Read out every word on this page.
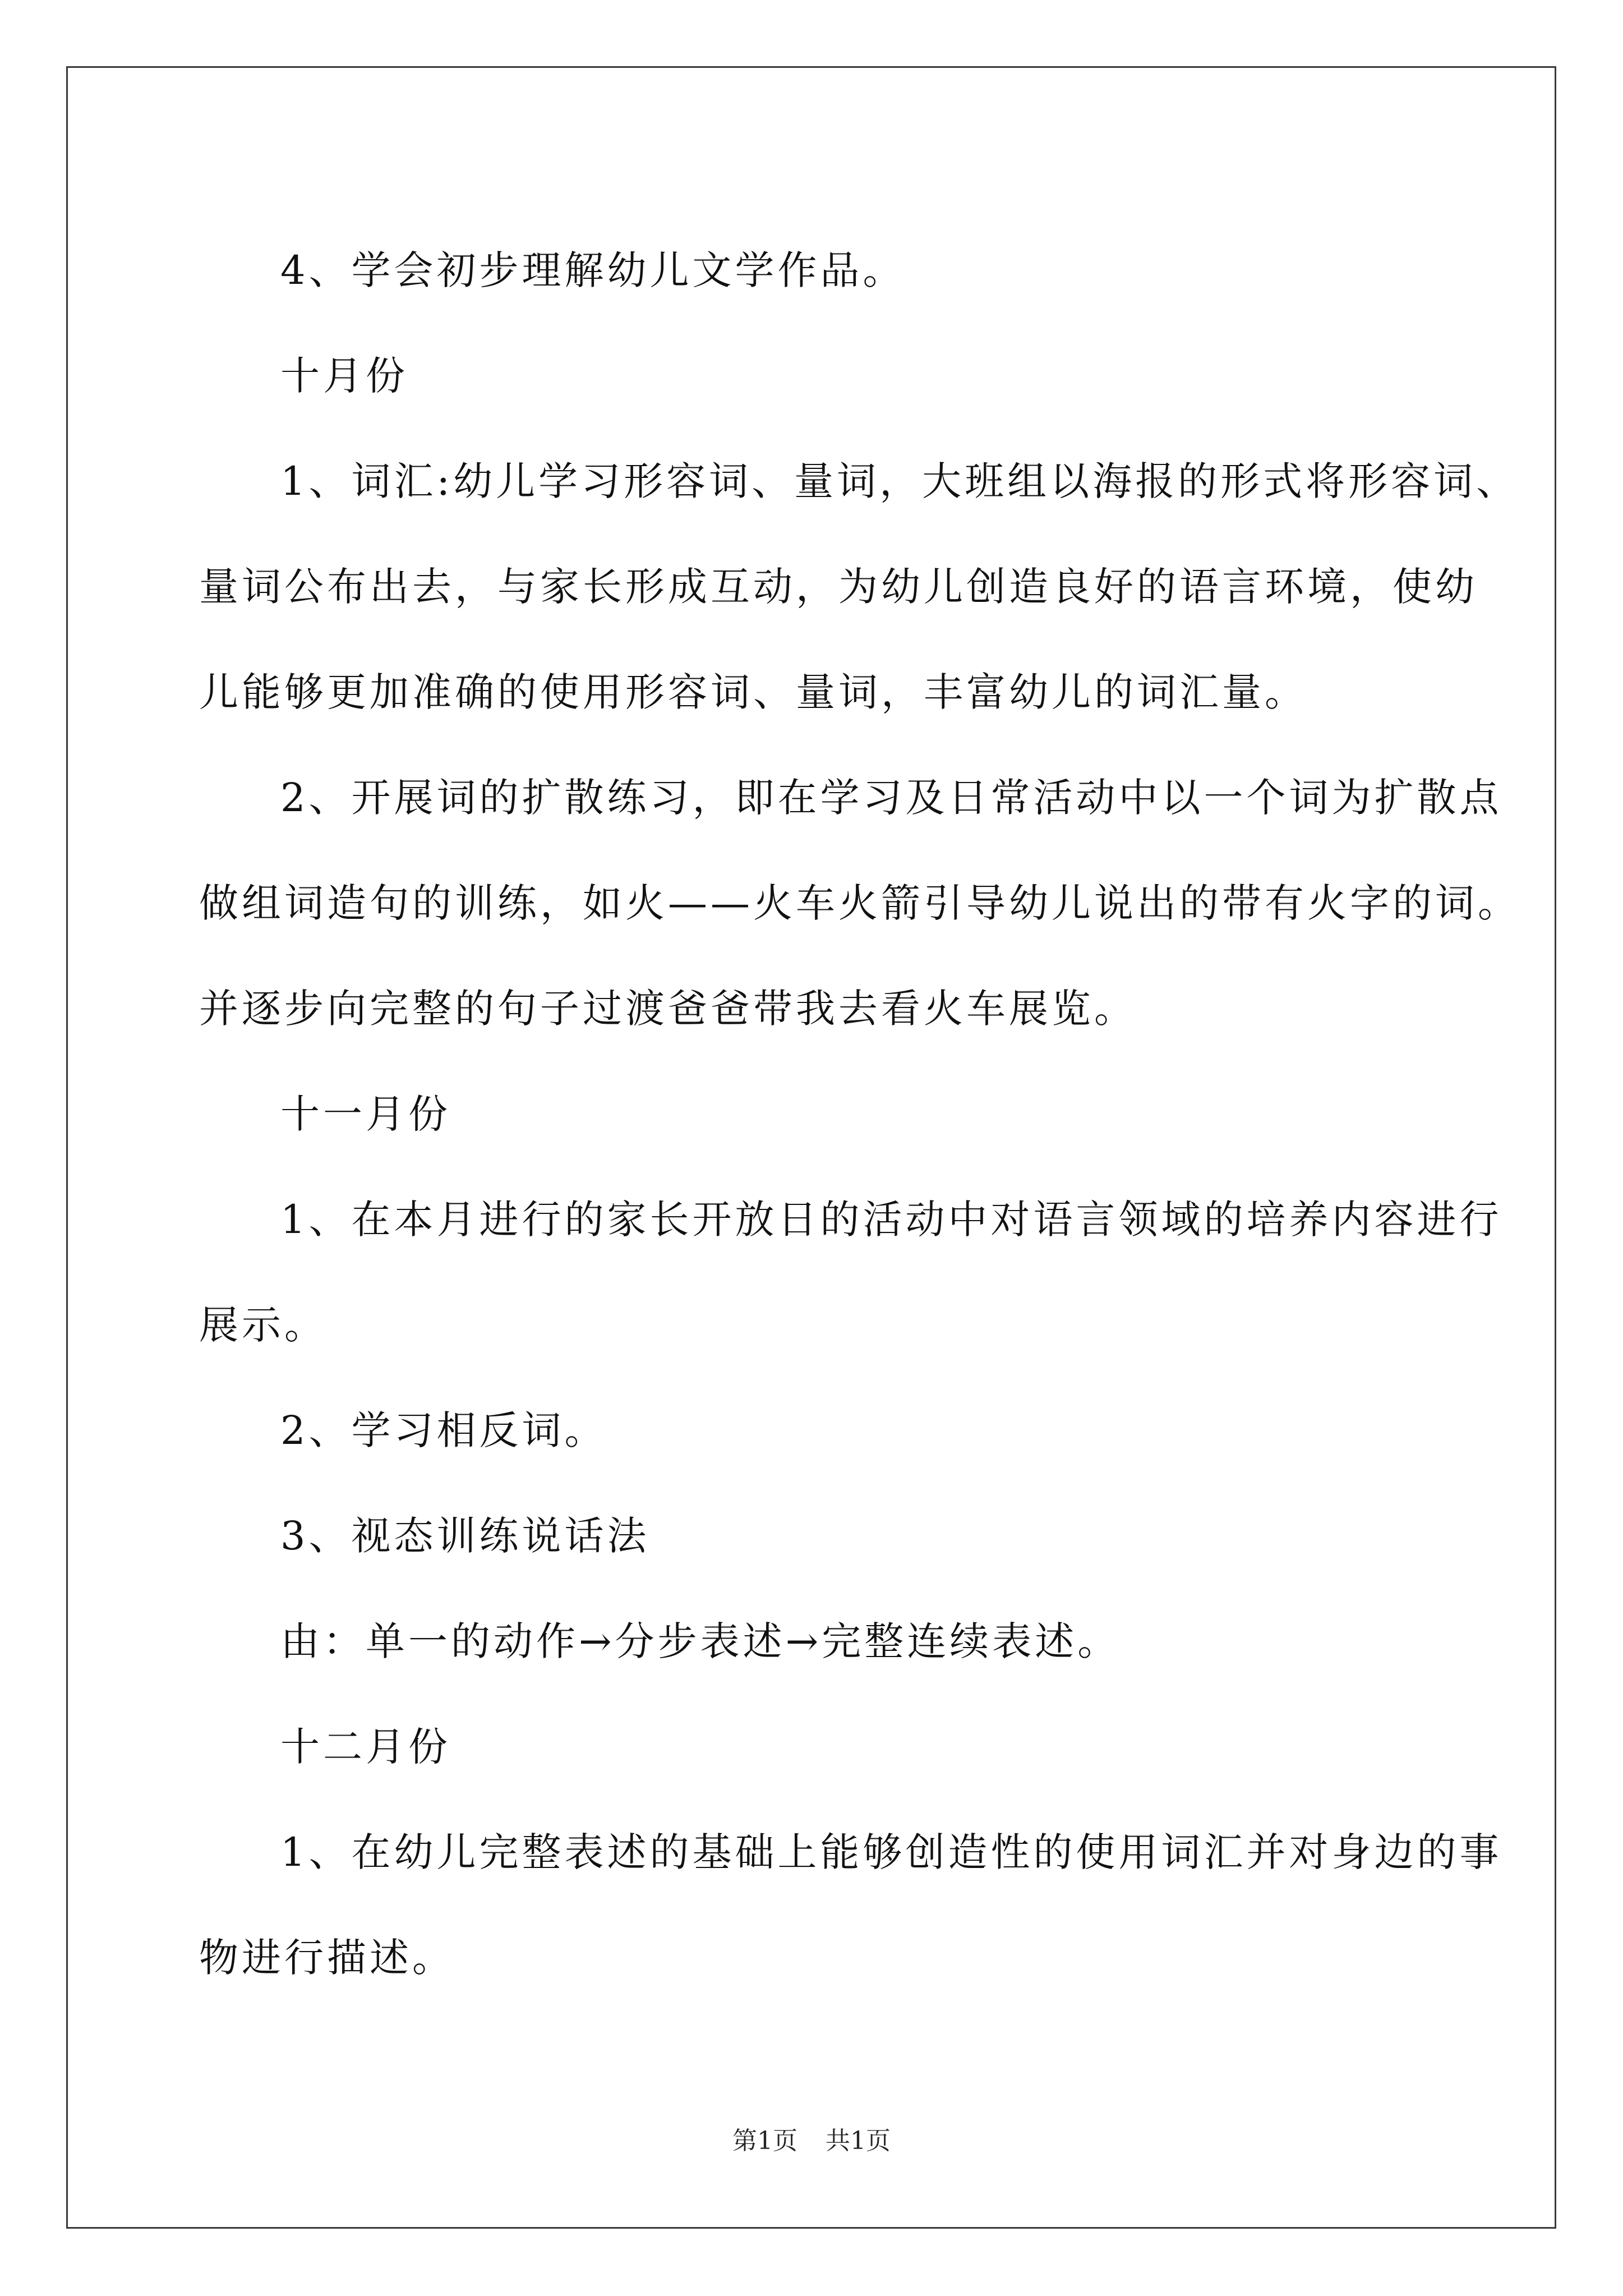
4、学会初步理解幼儿文学作品。

十月份

1、词汇:幼儿学习形容词、量词，大班组以海报的形式将形容词、

量词公布出去，与家长形成互动，为幼儿创造良好的语言环境，使幼

儿能够更加准确的使用形容词、量词，丰富幼儿的词汇量。

2、开展词的扩散练习，即在学习及日常活动中以一个词为扩散点

做组词造句的训练，如火——火车火箭引导幼儿说出的带有火字的词。

并逐步向完整的句子过渡爸爸带我去看火车展览。

十一月份

1、在本月进行的家长开放日的活动中对语言领域的培养内容进行

展示。

2、学习相反词。

3、视态训练说话法

由：单一的动作→分步表述→完整连续表述。

十二月份

1、在幼儿完整表述的基础上能够创造性的使用词汇并对身边的事

物进行描述。

第1页 共1页
